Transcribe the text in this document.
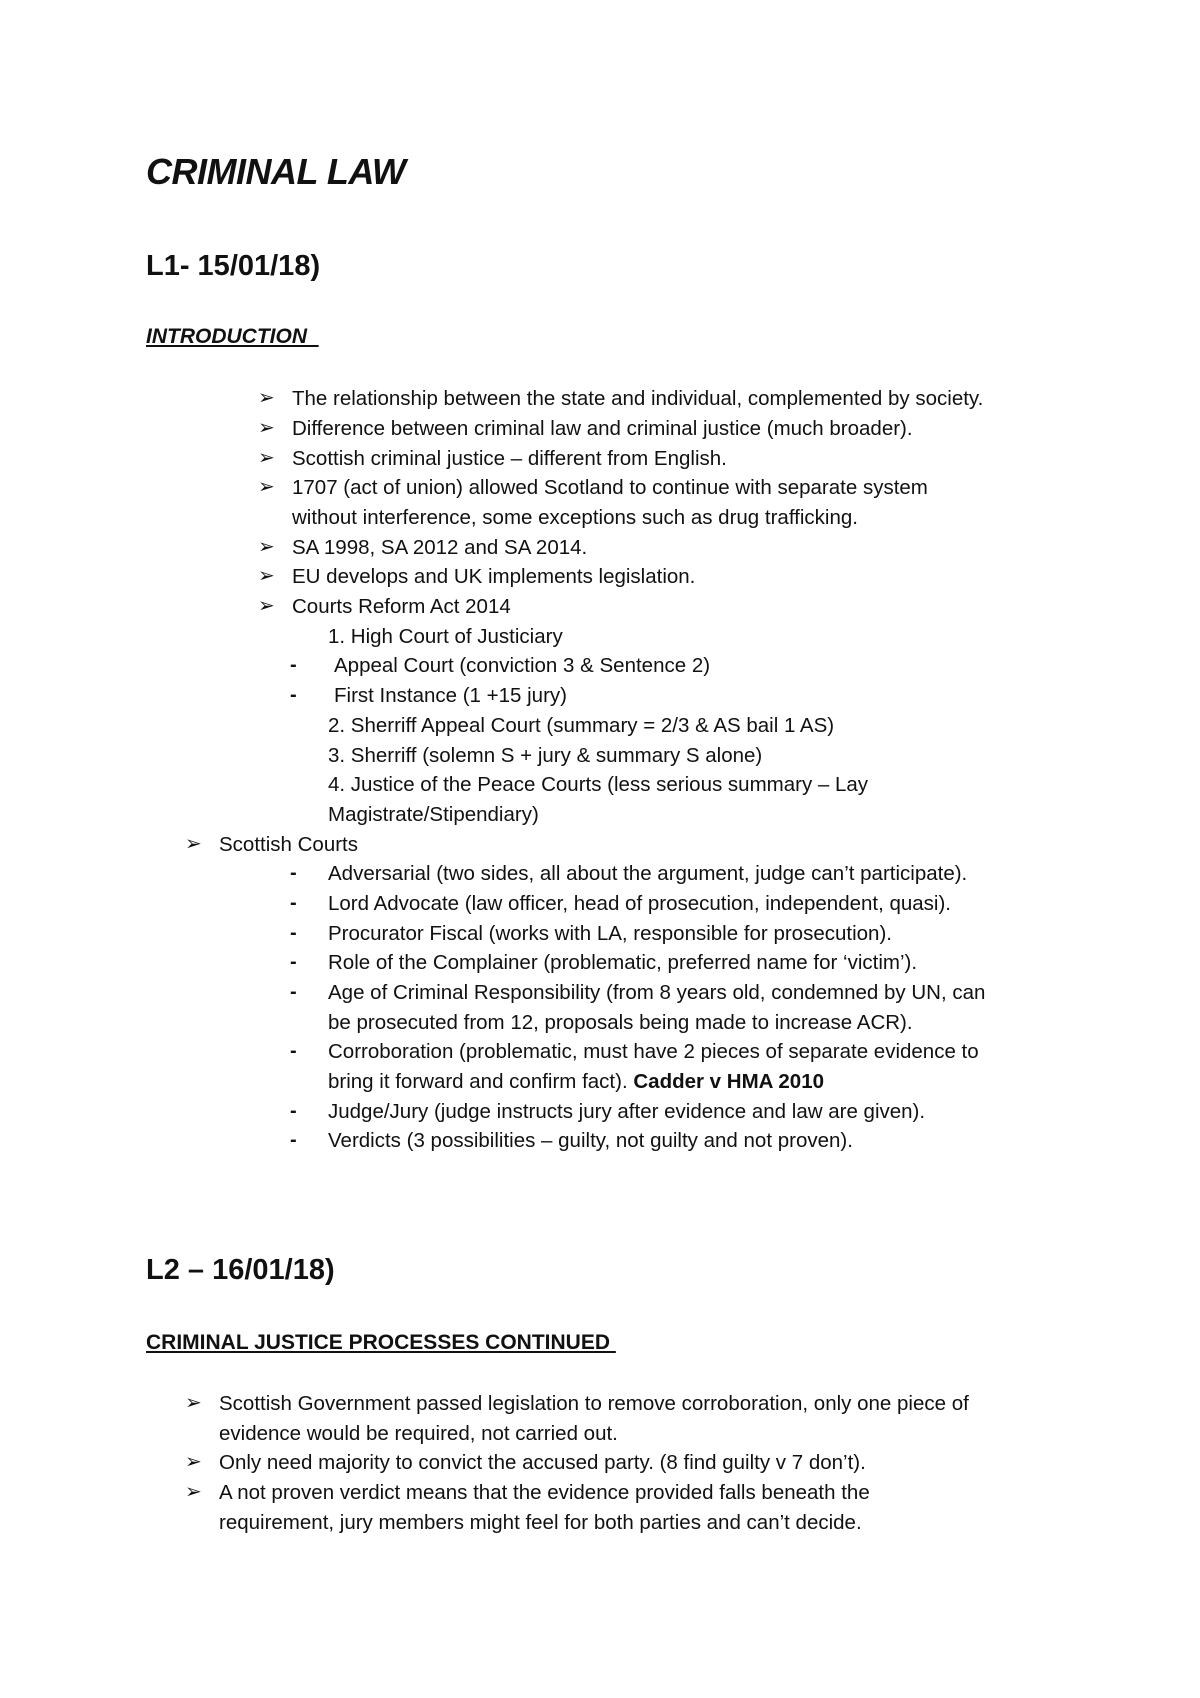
CRIMINAL LAW
L1- 15/01/18)
INTRODUCTION
➢ The relationship between the state and individual, complemented by society.
➢ Difference between criminal law and criminal justice (much broader).
➢ Scottish criminal justice – different from English.
➢ 1707 (act of union) allowed Scotland to continue with separate system
without interference, some exceptions such as drug trafficking.
➢ SA 1998, SA 2012 and SA 2014.
➢ EU develops and UK implements legislation.
➢ Courts Reform Act 2014
1. High Court of Justiciary
- Appeal Court (conviction 3 & Sentence 2)
- First Instance (1 +15 jury)
2. Sherriff Appeal Court (summary = 2/3 & AS bail 1 AS)
3. Sherriff (solemn S + jury & summary S alone)
4. Justice of the Peace Courts (less serious summary – Lay
Magistrate/Stipendiary)
➢ Scottish Courts
- Adversarial (two sides, all about the argument, judge can’t participate).
- Lord Advocate (law officer, head of prosecution, independent, quasi).
- Procurator Fiscal (works with LA, responsible for prosecution).
- Role of the Complainer (problematic, preferred name for ‘victim’).
- Age of Criminal Responsibility (from 8 years old, condemned by UN, can
be prosecuted from 12, proposals being made to increase ACR).
- Corroboration (problematic, must have 2 pieces of separate evidence to
bring it forward and confirm fact). Cadder v HMA 2010
- Judge/Jury (judge instructs jury after evidence and law are given).
- Verdicts (3 possibilities – guilty, not guilty and not proven).
L2 – 16/01/18)
CRIMINAL JUSTICE PROCESSES CONTINUED
➢ Scottish Government passed legislation to remove corroboration, only one piece of
evidence would be required, not carried out.
➢ Only need majority to convict the accused party. (8 find guilty v 7 don’t).
➢ A not proven verdict means that the evidence provided falls beneath the
requirement, jury members might feel for both parties and can’t decide.
